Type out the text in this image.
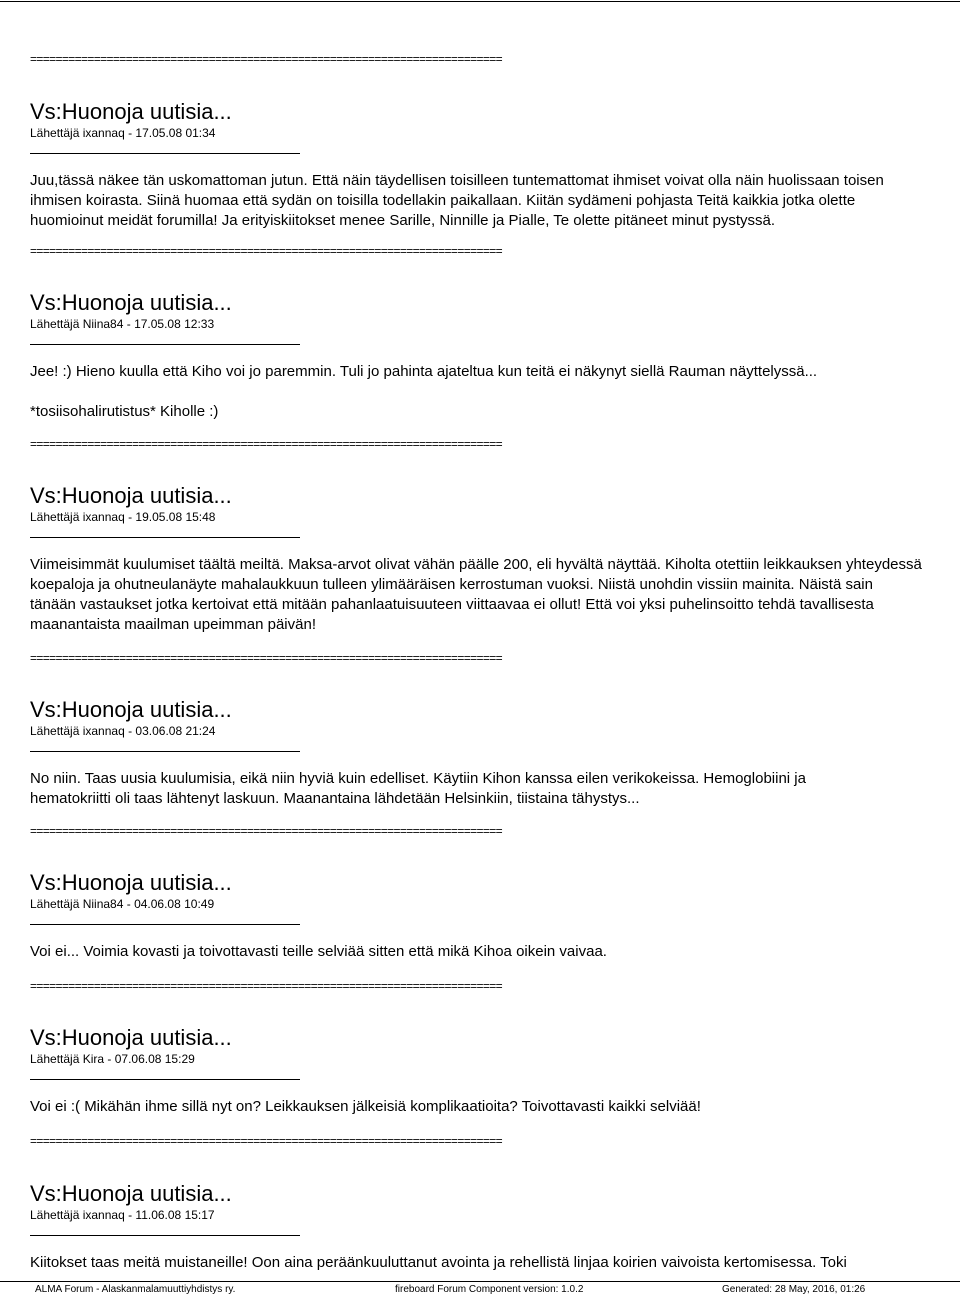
==========================================================================
Vs:Huonoja uutisia...
Lähettäjä ixannaq - 17.05.08 01:34
Juu,tässä näkee tän uskomattoman jutun. Että näin täydellisen toisilleen tuntemattomat ihmiset voivat olla näin huolissaan toisen
ihmisen koirasta. Siinä huomaa että sydän on toisilla todellakin paikallaan. Kiitän sydämeni pohjasta Teitä kaikkia jotka olette
huomioinut meidät forumilla! Ja erityiskiitokset menee Sarille, Ninnille ja Pialle, Te olette pitäneet minut pystyssä.
==========================================================================
Vs:Huonoja uutisia...
Lähettäjä Niina84 - 17.05.08 12:33
Jee! :) Hieno kuulla että Kiho voi jo paremmin. Tuli jo pahinta ajateltua kun teitä ei näkynyt siellä Rauman näyttelyssä...

*tosiisohalirutistus* Kiholle :)
==========================================================================
Vs:Huonoja uutisia...
Lähettäjä ixannaq - 19.05.08 15:48
Viimeisimmät kuulumiset täältä meiltä. Maksa-arvot olivat vähän päälle 200, eli hyvältä näyttää. Kiholta otettiin leikkauksen yhteydessä
koepaloja ja ohutneulanäyte mahalaukkuun tulleen ylimääräisen kerrostuman vuoksi. Niistä unohdin vissiin mainita. Näistä sain
tänään vastaukset jotka kertoivat että mitään pahanlaatuisuuteen viittaavaa ei ollut! Että voi yksi puhelinsoitto tehdä tavallisesta
maanantaista maailman upeimman päivän!
==========================================================================
Vs:Huonoja uutisia...
Lähettäjä ixannaq - 03.06.08 21:24
No niin. Taas uusia kuulumisia, eikä niin hyviä kuin edelliset. Käytiin Kihon kanssa eilen verikokeissa. Hemoglobiini ja
hematokriitti oli taas lähtenyt laskuun. Maanantaina lähdetään Helsinkiin, tiistaina tähystys...
==========================================================================
Vs:Huonoja uutisia...
Lähettäjä Niina84 - 04.06.08 10:49
Voi ei... Voimia kovasti ja toivottavasti teille selviää sitten että mikä Kihoa oikein vaivaa.
==========================================================================
Vs:Huonoja uutisia...
Lähettäjä Kira - 07.06.08 15:29
Voi ei :( Mikähän ihme sillä nyt on? Leikkauksen jälkeisiä komplikaatioita? Toivottavasti kaikki selviää!
==========================================================================
Vs:Huonoja uutisia...
Lähettäjä ixannaq - 11.06.08 15:17
Kiitokset taas meitä muistaneille! Oon aina peräänkuuluttanut avointa ja rehellistä linjaa koirien vaivoista kertomisessa. Toki
ALMA Forum - Alaskanmalamuuttiyhdistys ry.	fireboard Forum Component version: 1.0.2	Generated: 28 May, 2016, 01:26
